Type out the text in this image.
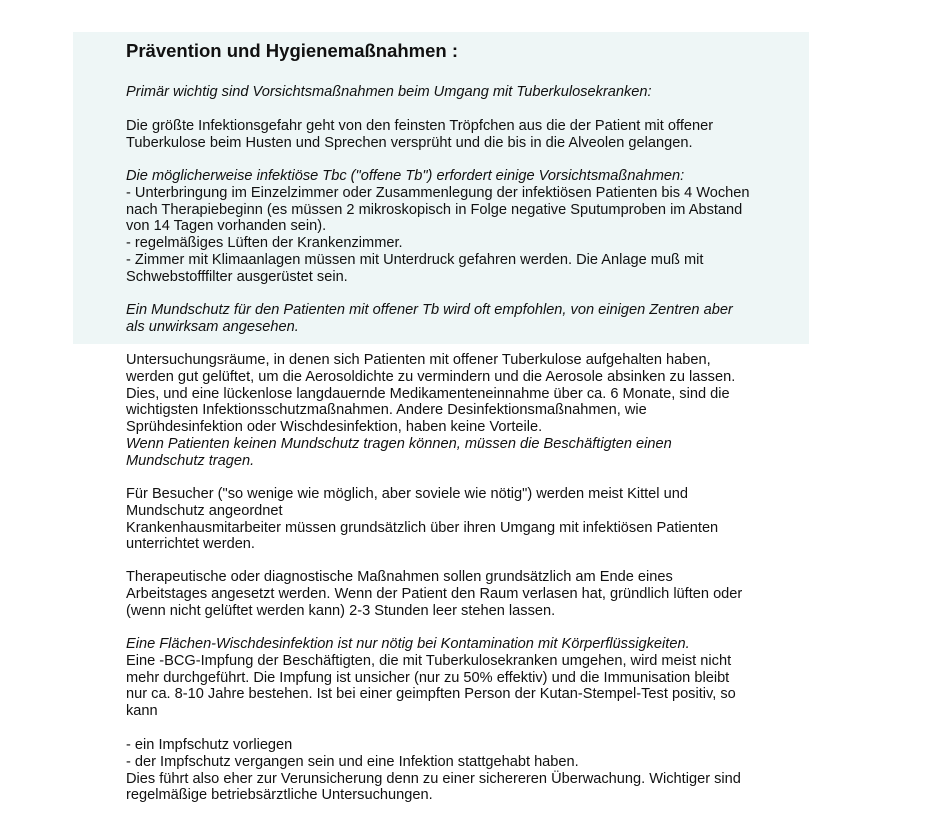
Prävention und Hygienemaßnahmen :

Primär wichtig sind Vorsichtsmaßnahmen beim Umgang mit Tuberkulosekranken:

Die größte Infektionsgefahr geht von den feinsten Tröpfchen aus die der Patient mit offener
Tuberkulose beim Husten und Sprechen versprüht und die bis in die Alveolen gelangen.

Die möglicherweise infektiöse Tbc ("offene Tb") erfordert einige Vorsichtsmaßnahmen:
- Unterbringung im Einzelzimmer oder Zusammenlegung der infektiösen Patienten bis 4 Wochen
nach Therapiebeginn (es müssen 2 mikroskopisch in Folge negative Sputumproben im Abstand
von 14 Tagen vorhanden sein).
- regelmäßiges Lüften der Krankenzimmer.
- Zimmer mit Klimaanlagen müssen mit Unterdruck gefahren werden. Die Anlage muß mit
Schwebstofffilter ausgerüstet sein.

Ein Mundschutz für den Patienten mit offener Tb wird oft empfohlen, von einigen Zentren aber
als unwirksam angesehen.

Untersuchungsräume, in denen sich Patienten mit offener Tuberkulose aufgehalten haben,
werden gut gelüftet, um die Aerosoldichte zu vermindern und die Aerosole absinken zu lassen.
Dies, und eine lückenlose langdauernde Medikamenteneinnahme über ca. 6 Monate, sind die
wichtigsten Infektionsschutzmaßnahmen. Andere Desinfektionsmaßnahmen, wie
Sprühdesinfektion oder Wischdesinfektion, haben keine Vorteile.
Wenn Patienten keinen Mundschutz tragen können, müssen die Beschäftigten einen
Mundschutz tragen.

Für Besucher ("so wenige wie möglich, aber soviele wie nötig") werden meist Kittel und
Mundschutz angeordnet
Krankenhausmitarbeiter müssen grundsätzlich über ihren Umgang mit infektiösen Patienten
unterrichtet werden.

Therapeutische oder diagnostische Maßnahmen sollen grundsätzlich am Ende eines
Arbeitstages angesetzt werden. Wenn der Patient den Raum verlasen hat, gründlich lüften oder
(wenn nicht gelüftet werden kann) 2-3 Stunden leer stehen lassen.

Eine Flächen-Wischdesinfektion ist nur nötig bei Kontamination mit Körperflüssigkeiten.
Eine -BCG-Impfung der Beschäftigten, die mit Tuberkulosekranken umgehen, wird meist nicht
mehr durchgeführt. Die Impfung ist unsicher (nur zu 50% effektiv) und die Immunisation bleibt
nur ca. 8-10 Jahre bestehen. Ist bei einer geimpften Person der Kutan-Stempel-Test positiv, so
kann

- ein Impfschutz vorliegen
- der Impfschutz vergangen sein und eine Infektion stattgehabt haben.
Dies führt also eher zur Verunsicherung denn zu einer sichereren Überwachung. Wichtiger sind
regelmäßige betriebsärztliche Untersuchungen.
